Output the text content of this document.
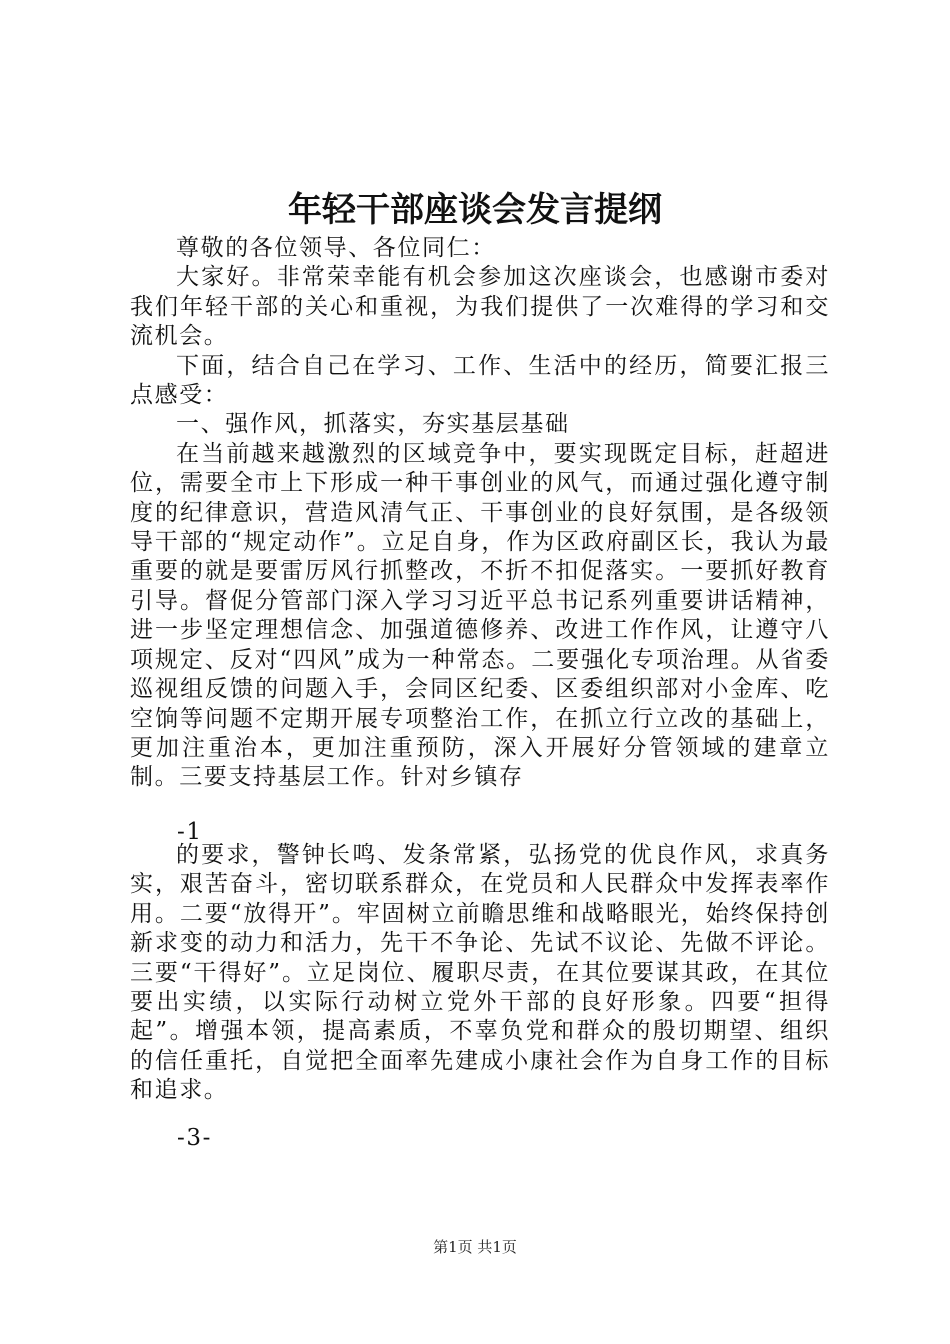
年轻干部座谈会发言提纲

尊敬的各位领导、各位同仁：

大家好。非常荣幸能有机会参加这次座谈会，也感谢市委对我们年轻干部的关心和重视，为我们提供了一次难得的学习和交流机会。

下面，结合自己在学习、工作、生活中的经历，简要汇报三点感受：

一、强作风，抓落实，夯实基层基础

在当前越来越激烈的区域竞争中，要实现既定目标，赶超进位，需要全市上下形成一种干事创业的风气，而通过强化遵守制度的纪律意识，营造风清气正、干事创业的良好氛围，是各级领导干部的“规定动作”。立足自身，作为区政府副区长，我认为最重要的就是要雷厉风行抓整改，不折不扣促落实。一要抓好教育引导。督促分管部门深入学习习近平总书记系列重要讲话精神，进一步坚定理想信念、加强道德修养、改进工作作风，让遵守八项规定、反对“四风”成为一种常态。二要强化专项治理。从省委巡视组反馈的问题入手，会同区纪委、区委组织部对小金库、吃空饷等问题不定期开展专项整治工作，在抓立行立改的基础上，更加注重治本，更加注重预防，深入开展好分管领域的建章立制。三要支持基层工作。针对乡镇存

-1

的要求，警钟长鸣、发条常紧，弘扬党的优良作风，求真务实，艰苦奋斗，密切联系群众，在党员和人民群众中发挥表率作用。二要“放得开”。牢固树立前瞻思维和战略眼光，始终保持创新求变的动力和活力，先干不争论、先试不议论、先做不评论。三要“干得好”。立足岗位、履职尽责，在其位要谋其政，在其位要出实绩，以实际行动树立党外干部的良好形象。四要“担得起”。增强本领，提高素质，不辜负党和群众的殷切期望、组织的信任重托，自觉把全面率先建成小康社会作为自身工作的目标和追求。

-3-
第1页 共1页
